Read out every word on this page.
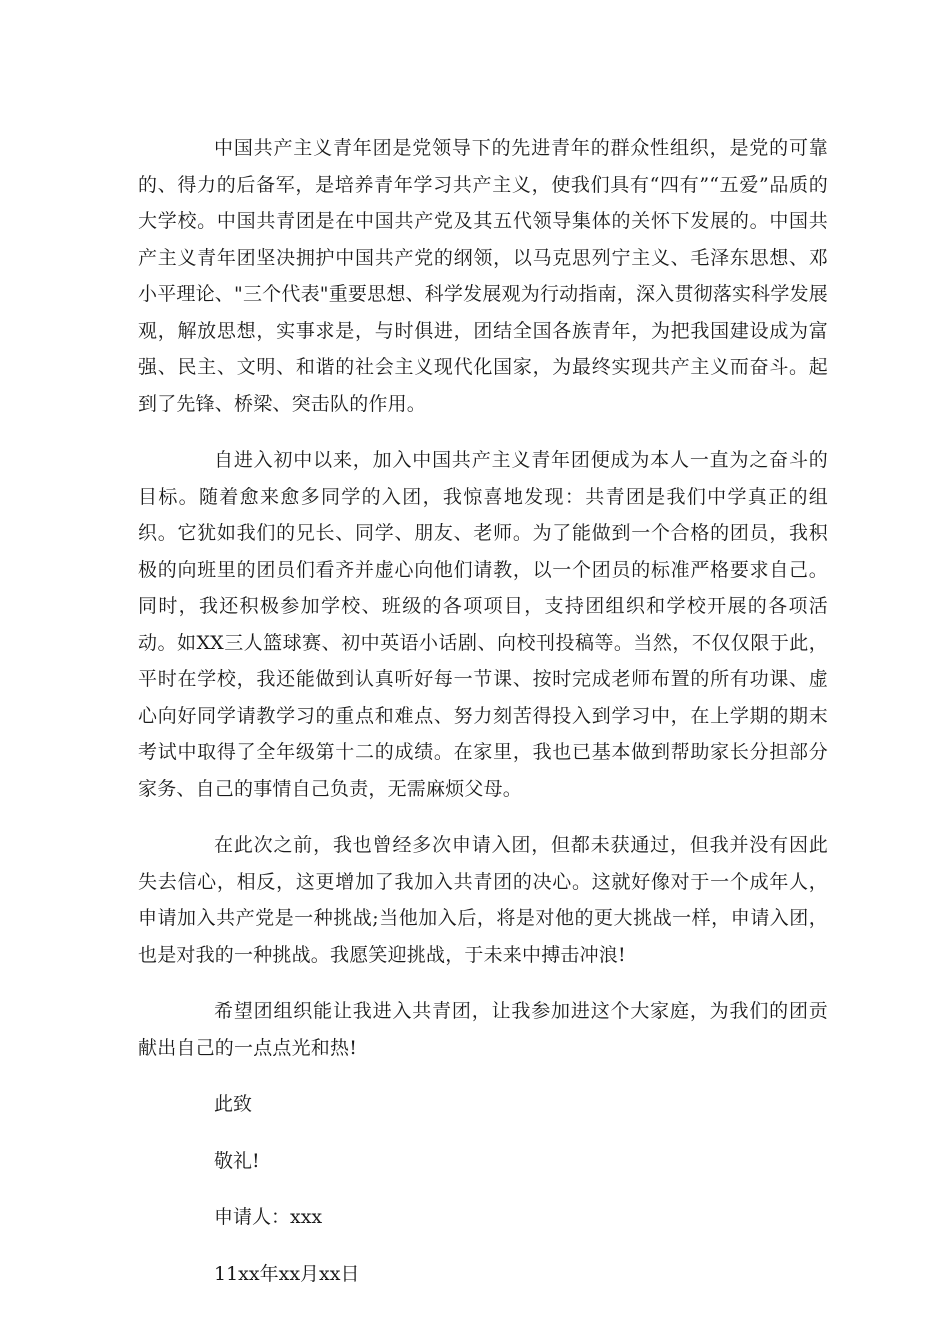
中国共产主义青年团是党领导下的先进青年的群众性组织，是党的可靠的、得力的后备军，是培养青年学习共产主义，使我们具有“四有”“五爱”品质的大学校。中国共青团是在中国共产党及其五代领导集体的关怀下发展的。中国共产主义青年团坚决拥护中国共产党的纲领，以马克思列宁主义、毛泽东思想、邓小平理论、"三个代表"重要思想、科学发展观为行动指南，深入贯彻落实科学发展观，解放思想，实事求是，与时俱进，团结全国各族青年，为把我国建设成为富强、民主、文明、和谐的社会主义现代化国家，为最终实现共产主义而奋斗。起到了先锋、桥梁、突击队的作用。

自进入初中以来，加入中国共产主义青年团便成为本人一直为之奋斗的目标。随着愈来愈多同学的入团，我惊喜地发现：共青团是我们中学真正的组织。它犹如我们的兄长、同学、朋友、老师。为了能做到一个合格的团员，我积极的向班里的团员们看齐并虚心向他们请教，以一个团员的标准严格要求自己。同时，我还积极参加学校、班级的各项项目，支持团组织和学校开展的各项活动。如XX三人篮球赛、初中英语小话剧、向校刊投稿等。当然，不仅仅限于此，平时在学校，我还能做到认真听好每一节课、按时完成老师布置的所有功课、虚心向好同学请教学习的重点和难点、努力刻苦得投入到学习中，在上学期的期末考试中取得了全年级第十二的成绩。在家里，我也已基本做到帮助家长分担部分家务、自己的事情自己负责，无需麻烦父母。

在此次之前，我也曾经多次申请入团，但都未获通过，但我并没有因此失去信心，相反，这更增加了我加入共青团的决心。这就好像对于一个成年人，申请加入共产党是一种挑战;当他加入后，将是对他的更大挑战一样，申请入团，也是对我的一种挑战。我愿笑迎挑战，于未来中搏击冲浪!

希望团组织能让我进入共青团，让我参加进这个大家庭，为我们的团贡献出自己的一点点光和热!

此致
敬礼!
申请人：xxx
11xx年xx月xx日
